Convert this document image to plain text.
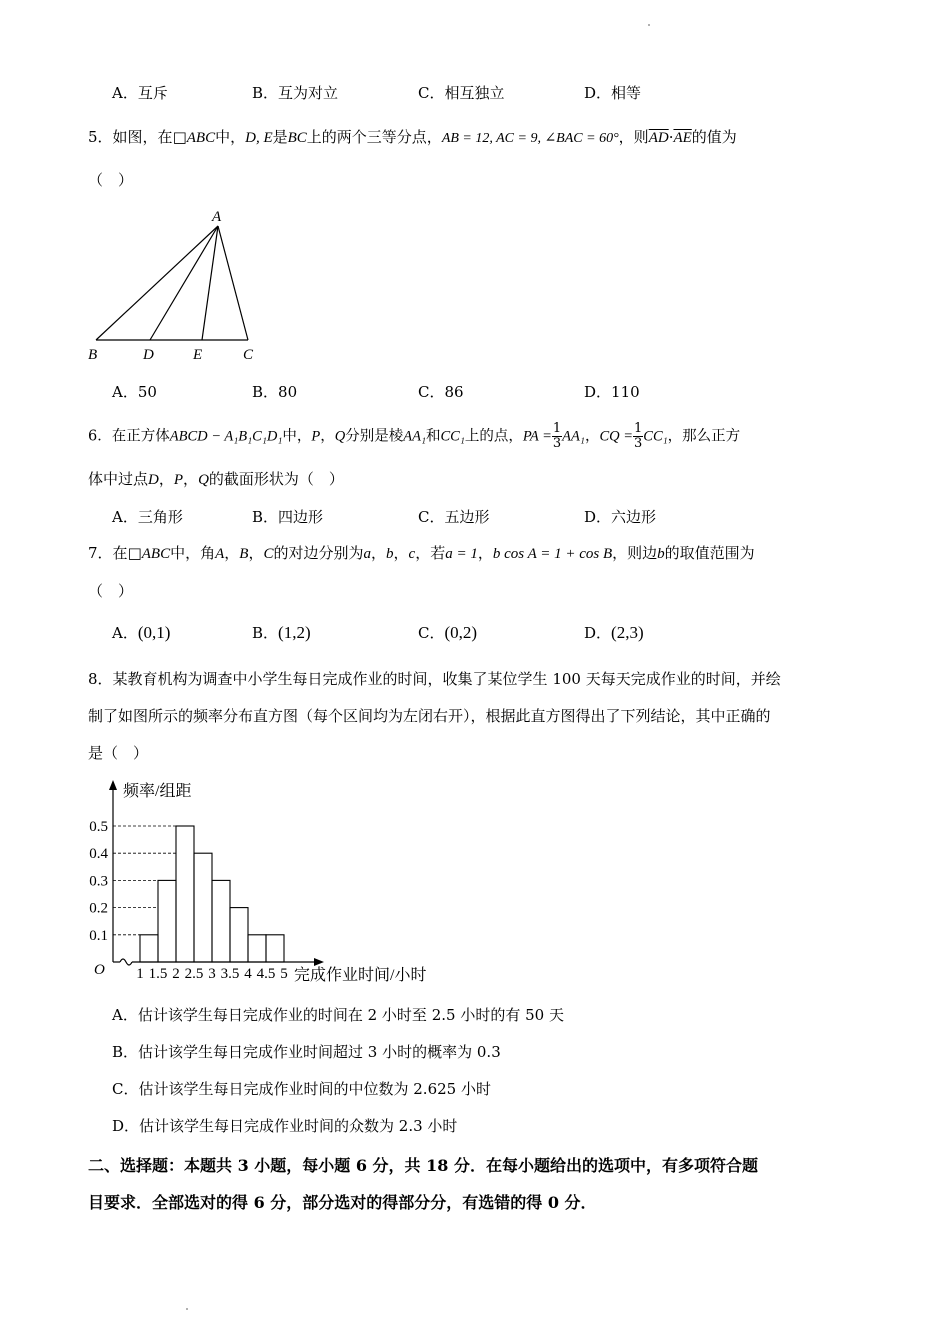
A．互斥	B．互为对立	C．相互独立	D．相等
5．如图，在□ABC中，D, E是BC上的两个三等分点，AB = 12, AC = 9, ∠BAC = 60°，则$\overline{AD}\cdot\overline{AE}$的值为
（　）
A
B	D	E	C
A．50	B．80	C．86	D．110
6．在正方体ABCD − A₁B₁C₁D₁中，P，Q分别是棱AA₁和CC₁上的点，PA = $\frac{1}{3} AA_1$，CQ = $\frac{1}{3} CC_1$，那么正方
体中过点D，P，Q的截面形状为（　）
A．三角形	B．四边形	C．五边形	D．六边形
7．在□ABC中，角A，B，C的对边分别为a，b，c，若a = 1，b cos A = 1 + cos B，则边b的取值范围为
（　）
A．(0,1)	B．(1,2)	C．(0,2)	D．(2,3)
8．某教育机构为调查中小学生每日完成作业的时间，收集了某位学生 100 天每天完成作业的时间，并绘
制了如图所示的频率分布直方图（每个区间均为左闭右开），根据此直方图得出了下列结论，其中正确的
是（　）
O
频率/组距
完成作业时间/小时
0.1
0.2
0.3
0.4
0.5
1 1.5 2 2.5 3 3.5 4 4.5 5
A．估计该学生每日完成作业的时间在 2 小时至 2.5 小时的有 50 天
B．估计该学生每日完成作业时间超过 3 小时的概率为 0.3
C．估计该学生每日完成作业时间的中位数为 2.625 小时
D．估计该学生每日完成作业时间的众数为 2.3 小时
二、选择题：本题共 3 小题，每小题 6 分，共 18 分．在每小题给出的选项中，有多项符合题
目要求．全部选对的得 6 分，部分选对的得部分分，有选错的得 0 分．
